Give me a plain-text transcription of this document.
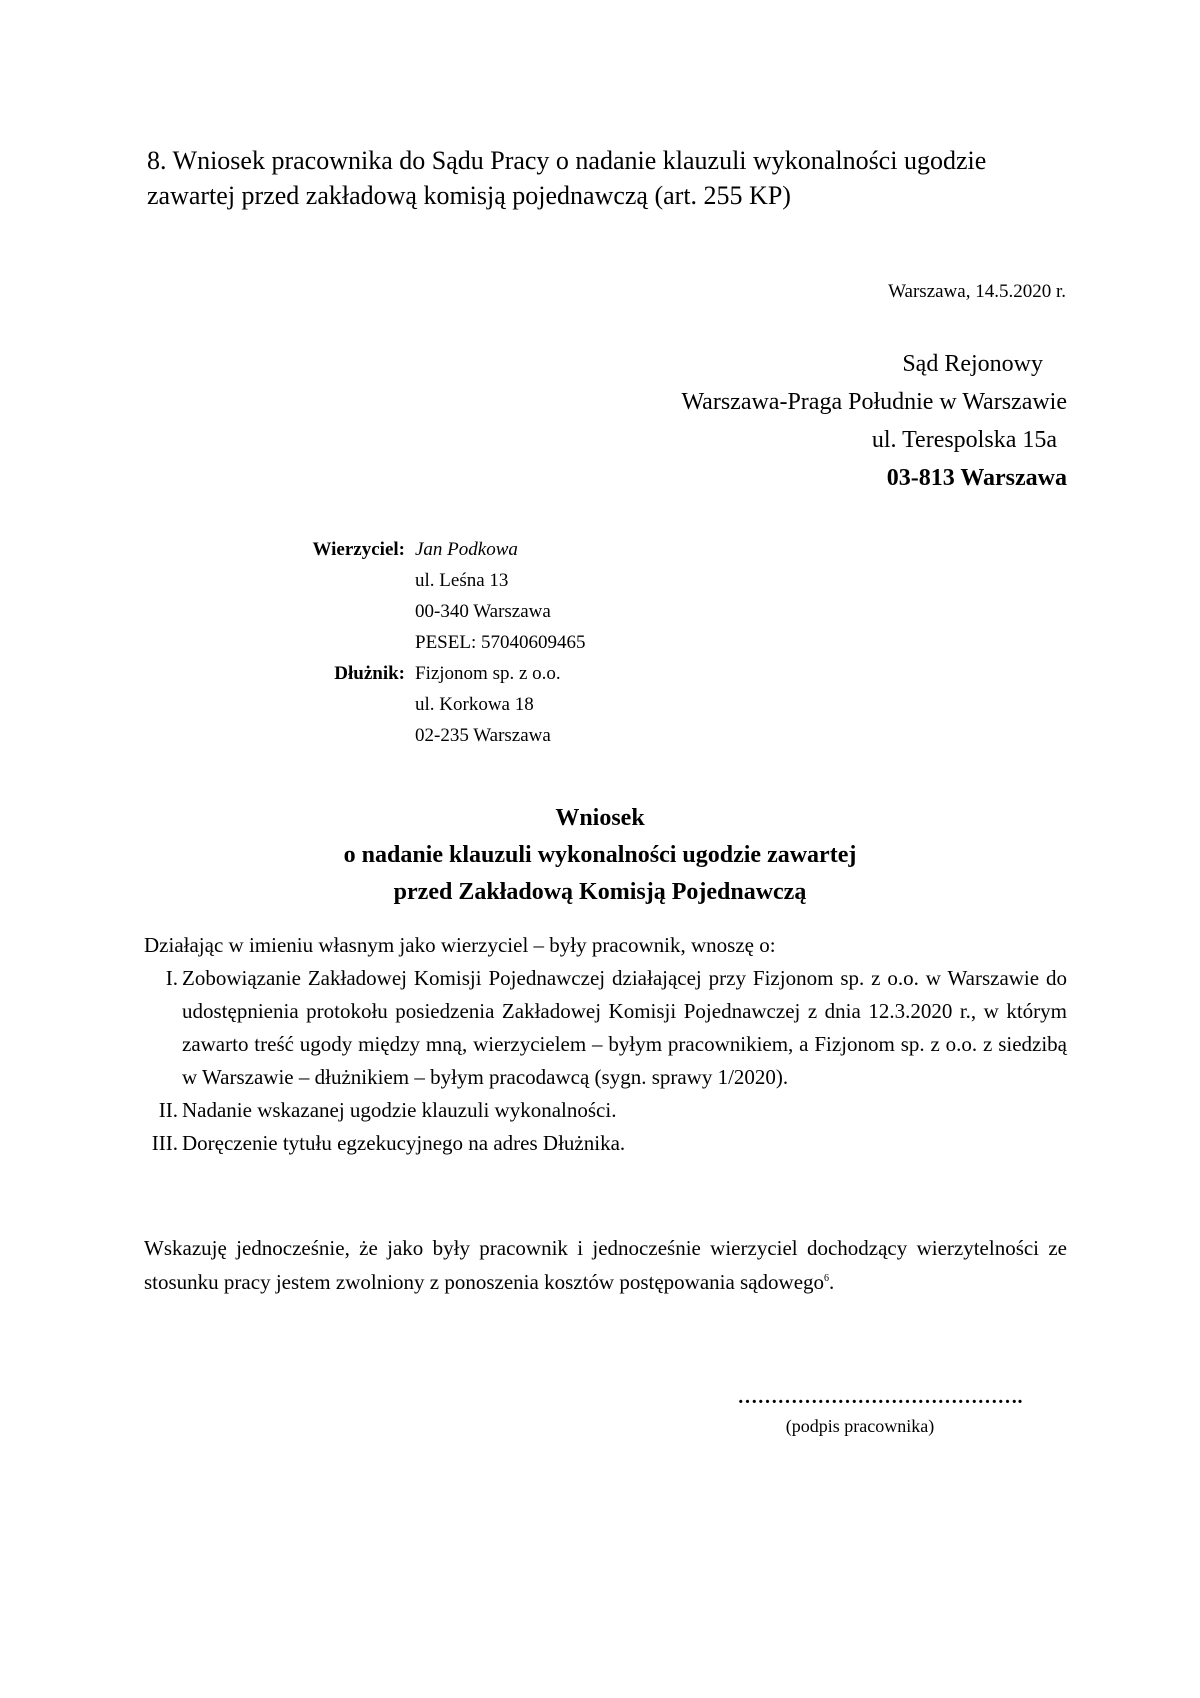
8. Wniosek pracownika do Sądu Pracy o nadanie klauzuli wykonalności ugodzie
zawartej przed zakładową komisją pojednawczą (art. 255 KP)
Warszawa, 14.5.2020 r.
Sąd Rejonowy
Warszawa-Praga Południe w Warszawie
ul. Terespolska 15a
03-813 Warszawa
Wierzyciel: Jan Podkowa
ul. Leśna 13
00-340 Warszawa
PESEL: 57040609465
Dłużnik: Fizjonom sp. z o.o.
ul. Korkowa 18
02-235 Warszawa
Wniosek
o nadanie klauzuli wykonalności ugodzie zawartej
przed Zakładową Komisją Pojednawczą

Działając w imieniu własnym jako wierzyciel – były pracownik, wnoszę o:

I. Zobowiązanie Zakładowej Komisji Pojednawczej działającej przy Fizjonom sp. z o.o. w Warszawie do udostępnienia protokołu posiedzenia Zakładowej Komisji Pojednawczej z dnia 12.3.2020 r., w którym zawarto treść ugody między mną, wierzycielem – byłym pracownikiem, a Fizjonom sp. z o.o. z siedzibą w Warszawie – dłużnikiem – byłym pracodawcą (sygn. sprawy 1/2020).
II. Nadanie wskazanej ugodzie klauzuli wykonalności.
III. Doręczenie tytułu egzekucyjnego na adres Dłużnika.
Wskazuję jednocześnie, że jako były pracownik i jednocześnie wierzyciel dochodzący wierzytelności ze stosunku pracy jestem zwolniony z ponoszenia kosztów postępowania sądowego$^6$.
…………………………………….
(podpis pracownika)
